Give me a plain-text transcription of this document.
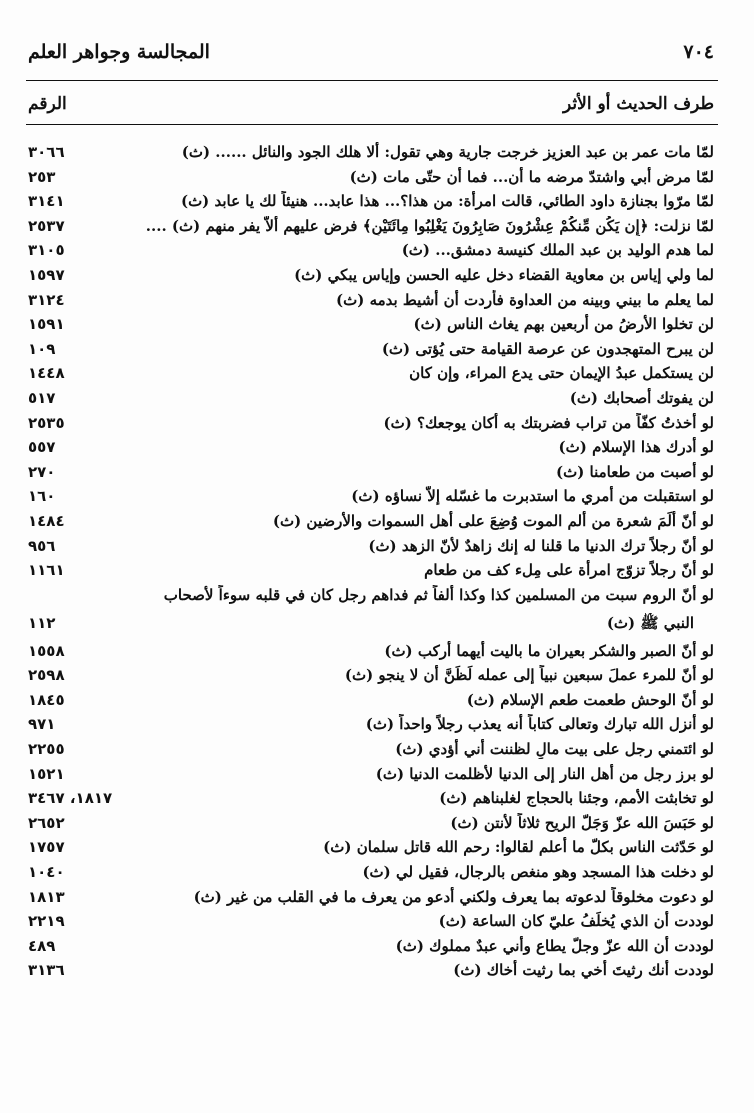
٧٠٤
المجالسة وجواهر العلم
طرف الحديث أو الأثر
الرقم
لمّا مات عمر بن عبد العزيز خرجت جارية وهي تقول: ألا هلك الجود والنائل ...... (ث)
٣٠٦٦
لمّا مرض أبي واشتدّ مرضه ما أن... فما أن حتّى مات (ث)
٢٥٣
لمّا مرّوا بجنازة داود الطائي، قالت امرأة: من هذا؟... هذا عابد... هنيئاً لك يا عابد (ث)
٣١٤١
لمّا نزلت: ﴿إِن يَكُن مِّنكُمْ عِشْرُونَ صَابِرُونَ يَغْلِبُوا مِائَتَيْنِ﴾ فرض عليهم ألاّ يفر منهم (ث) ....
٢٥٣٧
لما هدم الوليد بن عبد الملك كنيسة دمشق... (ث)
٣١٠٥
لما ولي إياس بن معاوية القضاء دخل عليه الحسن وإياس يبكي (ث)
١٥٩٧
لما يعلم ما بيني وبينه من العداوة فأردت أن أشيط بدمه (ث)
٣١٢٤
لن تخلوا الأرضُ من أربعين بهم يغاث الناس (ث)
١٥٩١
لن يبرح المتهجدون عن عرصة القيامة حتى يُؤتى (ث)
١٠٩
لن يستكمل عبدُ الإيمان حتى يدع المراء، وإن كان
١٤٤٨
لن يفوتك أصحابك (ث)
٥١٧
لو أخذتُ كفّاً من تراب فضربتك به أكان يوجعك؟ (ث)
٢٥٣٥
لو أدرك هذا الإسلام (ث)
٥٥٧
لو أصبت من طعامنا (ث)
٢٧٠
لو استقبلت من أمري ما استدبرت ما غسّله إلاّ نساؤه (ث)
١٦٠
لو أنّ ألَمَ شعرة من ألم الموت وُضِعَ على أهل السموات والأرضين (ث)
١٤٨٤
لو أنّ رجلاً ترك الدنيا ما قلنا له إنك زاهدٌ لأنّ الزهد (ث)
٩٥٦
لو أنّ رجلاً تزوّج امرأة على مِلء كف من طعام
١١٦١
لو أنّ الروم سبت من المسلمين كذا وكذا ألفاً ثم فداهم رجل كان في قلبه سوءاً لأصحاب
النبي ﷺ (ث)
١١٢
لو أنّ الصبر والشكر بعيران ما باليت أيهما أركب (ث)
١٥٥٨
لو أنّ للمرء عملَ سبعين نبياً إلى عمله لَظَنَّ أن لا ينجو (ث)
٢٥٩٨
لو أنّ الوحش طعمت طعم الإسلام (ث)
١٨٤٥
لو أنزل الله تبارك وتعالى كتاباً أنه يعذب رجلاً واحداً (ث)
٩٧١
لو ائتمني رجل على بيت مالٍ لظننت أني أؤدي (ث)
٢٢٥٥
لو برز رجل من أهل النار إلى الدنيا لأظلمت الدنيا (ث)
١٥٢١
لو تخابثت الأمم، وجئنا بالحجاج لغلبناهم (ث)
١٨١٧، ٣٤٦٧
لو حَبَسَ الله عزّ وَجَلّ الريح ثلاثاً لأنتن (ث)
٢٦٥٢
لو حَدّثت الناس بكلّ ما أعلم لقالوا: رحم الله قاتل سلمان (ث)
١٧٥٧
لو دخلت هذا المسجد وهو منغص بالرجال، فقيل لي (ث)
١٠٤٠
لو دعوت مخلوقاً لدعوته بما يعرف ولكني أدعو من يعرف ما في القلب من غير (ث)
١٨١٣
لوددت أن الذي يُخلَفُ عليّ كان الساعة (ث)
٢٢١٩
لوددت أن الله عزّ وجلّ يطاع وأني عبدٌ مملوك (ث)
٤٨٩
لوددت أنك رثيتَ أخي بما رثيت أخاك (ث)
٣١٣٦
